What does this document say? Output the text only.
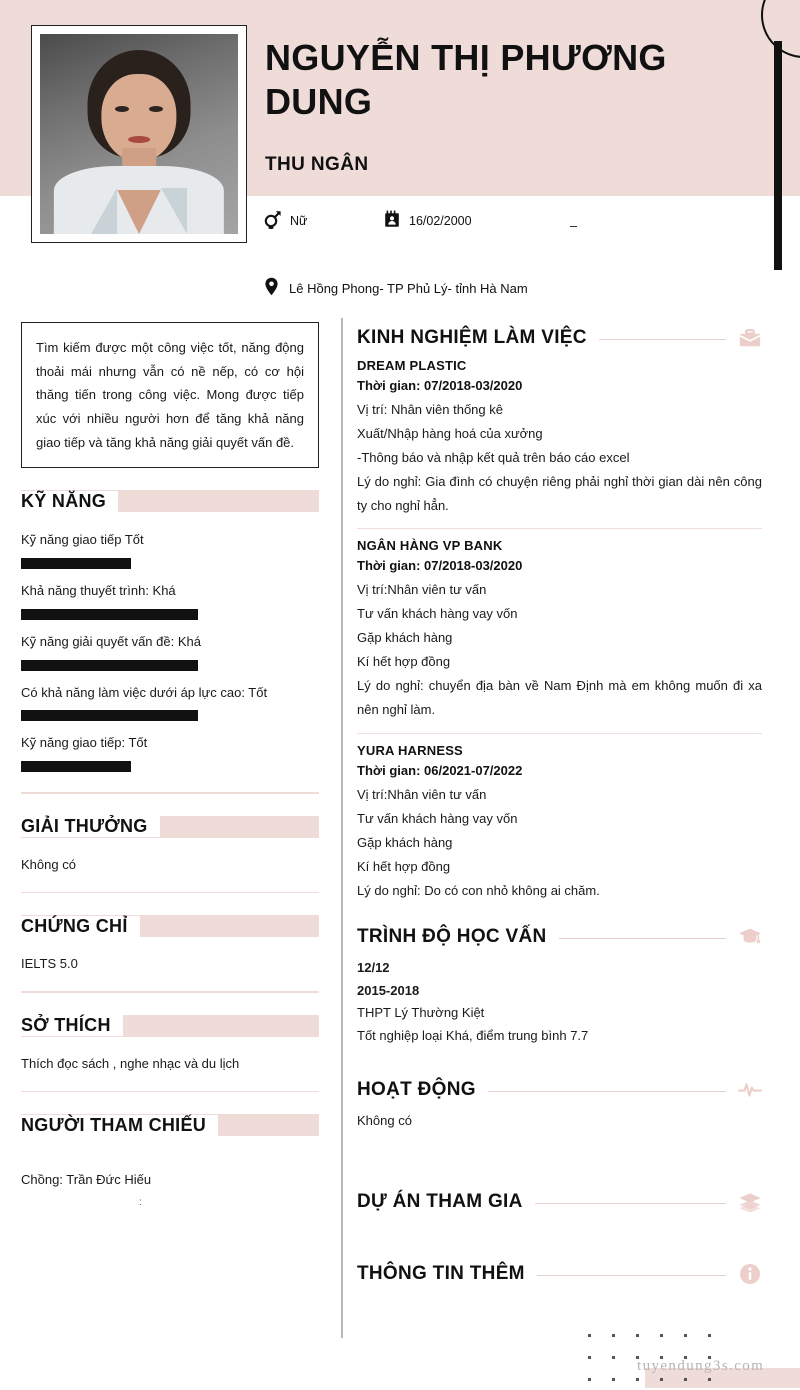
NGUYỄN THỊ PHƯƠNG DUNG
THU NGÂN
Nữ	16/02/2000
Lê Hồng Phong- TP Phủ Lý- tỉnh Hà Nam
Tìm kiếm được một công việc tốt, năng động thoải mái nhưng vẫn có nề nếp, có cơ hội thăng tiến trong công việc. Mong được tiếp xúc với nhiều người hơn để tăng khả năng giao tiếp và tăng khả năng giải quyết vấn đề.
KỸ NĂNG
Kỹ năng giao tiếp Tốt
Khả năng thuyết trình: Khá
Kỹ năng giải quyết vấn đề: Khá
Có khả năng làm việc dưới áp lực cao: Tốt
Kỹ năng giao tiếp: Tốt
GIẢI THƯỞNG
Không có
CHỨNG CHỈ
IELTS 5.0
SỞ THÍCH
Thích đọc sách , nghe nhạc và du lịch
NGƯỜI THAM CHIẾU
Chồng: Trần Đức Hiếu
:
KINH NGHIỆM LÀM VIỆC
DREAM PLASTIC
Thời gian: 07/2018-03/2020
Vị trí: Nhân viên thống kê
Xuất/Nhập hàng hoá của xưởng
-Thông báo và nhập kết quả trên báo cáo excel
Lý do nghỉ: Gia đình có chuyện riêng phải nghỉ thời gian dài nên công ty cho nghỉ hẳn.
NGÂN HÀNG VP BANK
Thời gian: 07/2018-03/2020
Vị trí:Nhân viên tư vấn
Tư vấn khách hàng vay vốn
Gặp khách hàng
Kí hết hợp đồng
Lý do nghỉ: chuyển địa bàn về Nam Định mà em không muốn đi xa nên nghỉ làm.
YURA HARNESS
Thời gian: 06/2021-07/2022
Vị trí:Nhân viên tư vấn
Tư vấn khách hàng vay vốn
Gặp khách hàng
Kí hết hợp đồng
Lý do nghỉ: Do có con nhỏ không ai chăm.
TRÌNH ĐỘ HỌC VẤN
12/12
2015-2018
THPT Lý Thường Kiệt
Tốt nghiệp loại Khá, điểm trung bình 7.7
HOẠT ĐỘNG
Không có
DỰ ÁN THAM GIA
THÔNG TIN THÊM
tuyendung3s.com
